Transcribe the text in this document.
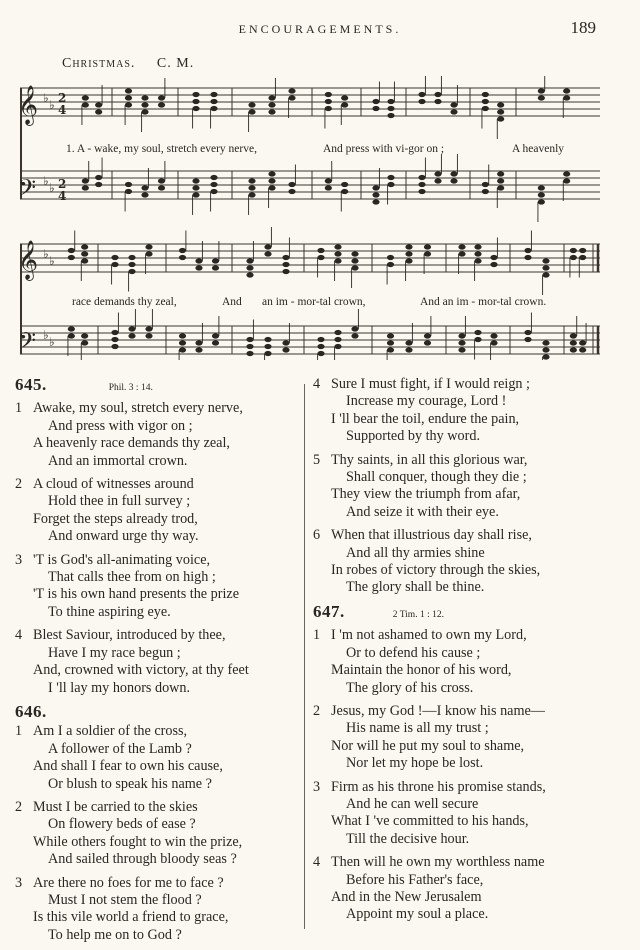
ENCOURAGEMENTS.	189
Christmas. C. M.
𝄞
𝄢
𝄞
𝄢
♭ ♭
♭ ♭
♭ ♭
♭ ♭
2
4
2
4
1. A - wake, my soul, stretch every nerve,	And press with vi-gor on ;	A heavenly
race demands thy zeal,	And an im - mor-tal crown,	And an im - mor-tal crown.
645.	Phil. 3 : 14.
1 Awake, my soul, stretch every nerve,
And press with vigor on ;
A heavenly race demands thy zeal,
And an immortal crown.
2 A cloud of witnesses around
Hold thee in full survey ;
Forget the steps already trod,
And onward urge thy way.
3 'T is God's all-animating voice,
That calls thee from on high ;
'T is his own hand presents the prize
To thine aspiring eye.
4 Blest Saviour, introduced by thee,
Have I my race begun ;
And, crowned with victory, at thy feet
I 'll lay my honors down.
646.
1 Am I a soldier of the cross,
A follower of the Lamb ?
And shall I fear to own his cause,
Or blush to speak his name ?
2 Must I be carried to the skies
On flowery beds of ease ?
While others fought to win the prize,
And sailed through bloody seas ?
3 Are there no foes for me to face ?
Must I not stem the flood ?
Is this vile world a friend to grace,
To help me on to God ?
4 Sure I must fight, if I would reign ;
Increase my courage, Lord !
I 'll bear the toil, endure the pain,
Supported by thy word.
5 Thy saints, in all this glorious war,
Shall conquer, though they die ;
They view the triumph from afar,
And seize it with their eye.
6 When that illustrious day shall rise,
And all thy armies shine
In robes of victory through the skies,
The glory shall be thine.
647.	2 Tim. 1 : 12.
1 I 'm not ashamed to own my Lord,
Or to defend his cause ;
Maintain the honor of his word,
The glory of his cross.
2 Jesus, my God !—I know his name—
His name is all my trust ;
Nor will he put my soul to shame,
Nor let my hope be lost.
3 Firm as his throne his promise stands,
And he can well secure
What I 've committed to his hands,
Till the decisive hour.
4 Then will he own my worthless name
Before his Father's face,
And in the New Jerusalem
Appoint my soul a place.
